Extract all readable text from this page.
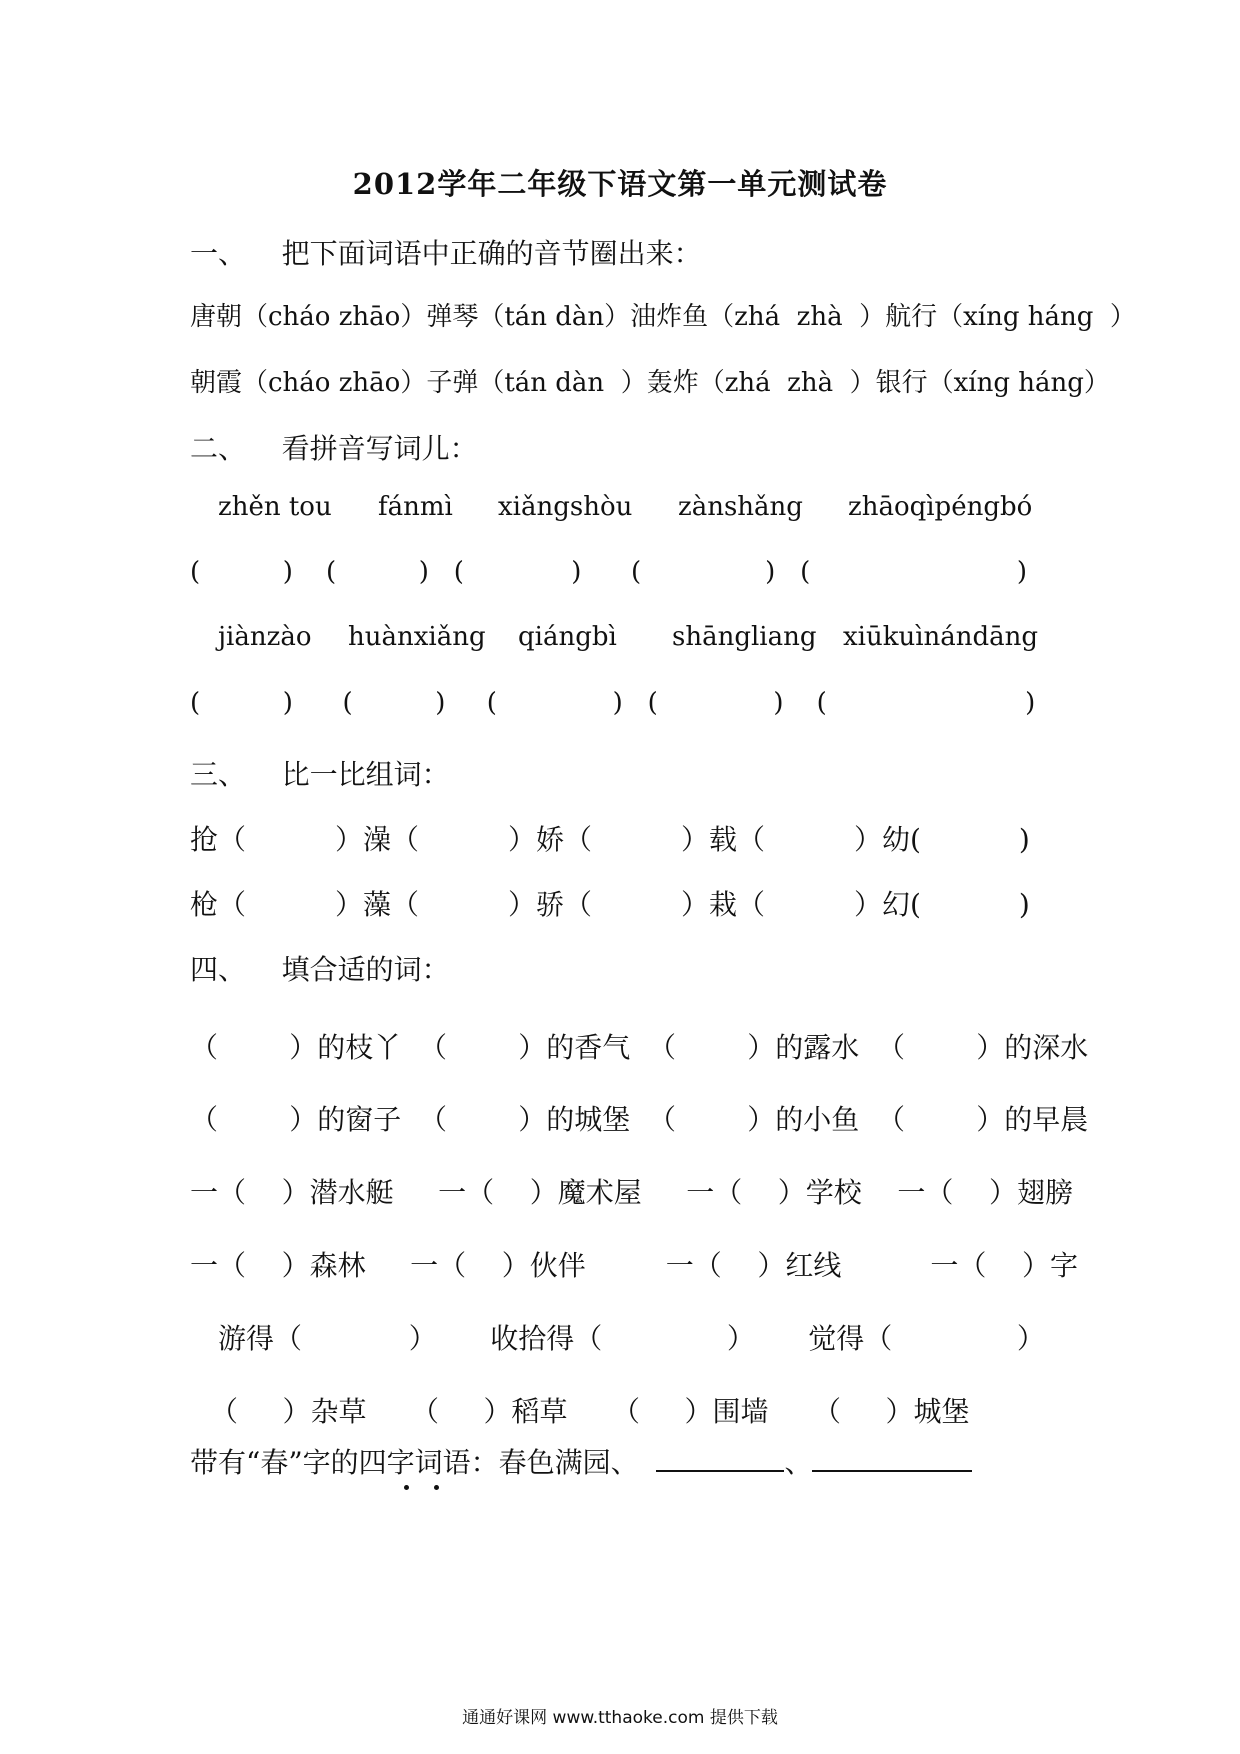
2012学年二年级下语文第一单元测试卷
一、    把下面词语中正确的音节圈出来：
唐朝（cháo zhāo）弹琴（tán dàn）油炸鱼（zhá  zhà  ）航行（xíng háng  ）
朝霞（cháo zhāo）子弹（tán dàn  ）轰炸（zhá  zhà  ）银行（xíng háng）
二、    看拼音写词儿：
zhěn tou fánmì xiǎngshòu zànshǎng zhāoqìpéngbó
(          )    (          )   (             )      (               )   (                         )
jiànzào huànxiǎng qiángbì shāngliang xiūkuìnándāng
(          )      (          )     (              )   (              )    (                        )
三、    比一比组词：
抢（          ）澡（          ）娇（          ）载（          ）幼(           )
枪（          ）藻（          ）骄（          ）栽（          ）幻(           )
四、    填合适的词：
（        ）的枝丫  （        ）的香气  （        ）的露水  （        ）的深水
（        ）的窗子  （        ）的城堡  （        ）的小鱼  （        ）的早晨
一（    ）潜水艇     一（    ）魔术屋     一（    ）学校    一（    ）翅膀
一（    ）森林     一（    ）伙伴         一（    ）红线          一（    ）字
游得（            ）      收拾得（              ）      觉得（              ）
（     ）杂草     （     ）稻草     （     ）围墙     （     ）城堡
带有“春”字的四字词语：春色满园、	、
通通好课网 www.tthaoke.com 提供下载
